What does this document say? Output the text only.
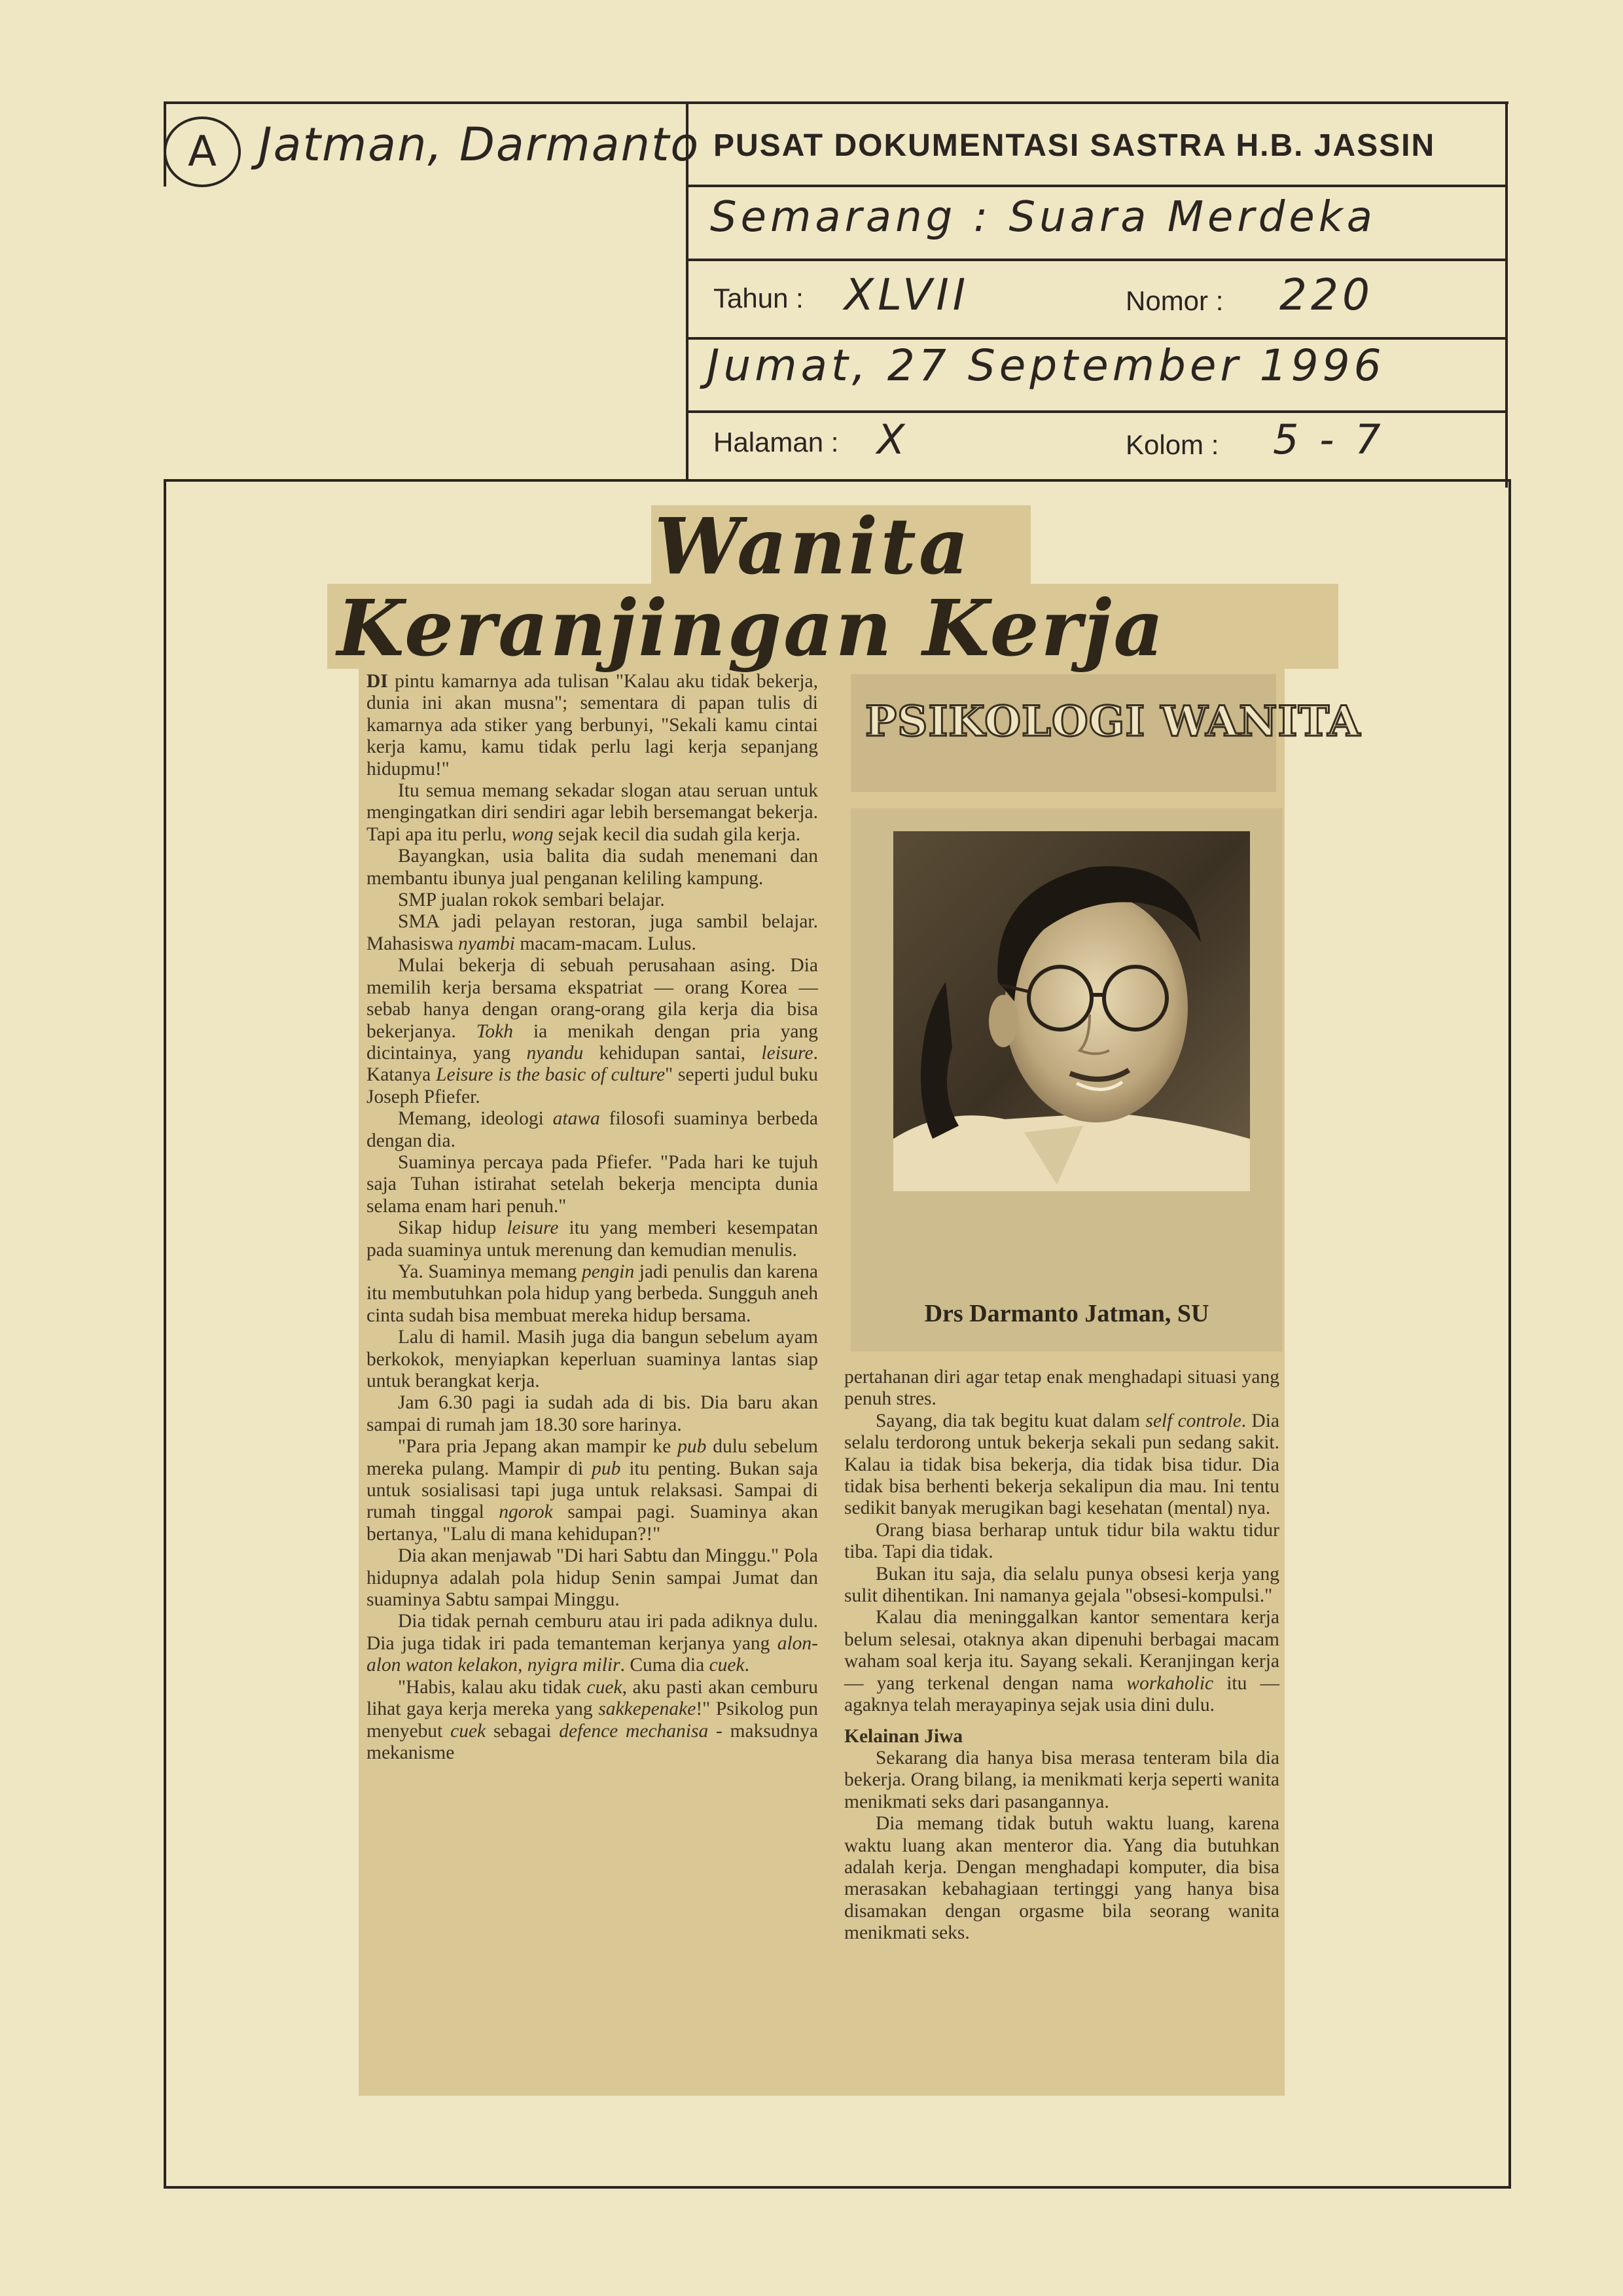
A Jatman, Darmanto PUSAT DOKUMENTASI SASTRA H.B. JASSIN
Semarang : Suara Merdeka
Tahun : XLVII	Nomor : 220
Jumat, 27 September 1996
Halaman : X	Kolom : 5 - 7
Wanita
Keranjingan Kerja
PSIKOLOGI WANITA
Drs Darmanto Jatman, SU

DI pintu kamarnya ada tulisan "Kalau aku tidak bekerja, dunia ini akan musna"; sementara di papan tulis di kamarnya ada stiker yang berbunyi, "Sekali kamu cintai kerja kamu, kamu tidak perlu lagi kerja sepanjang hidupmu!"

Itu semua memang sekadar slogan atau seruan untuk mengingatkan diri sendiri agar lebih bersemangat bekerja. Tapi apa itu perlu, wong sejak kecil dia sudah gila kerja.

Bayangkan, usia balita dia sudah menemani dan membantu ibunya jual penganan keliling kampung.

SMP jualan rokok sembari belajar.

SMA jadi pelayan restoran, juga sambil belajar. Mahasiswa nyambi macam-macam. Lulus.

Mulai bekerja di sebuah perusahaan asing. Dia memilih kerja bersama ekspatriat — orang Korea — sebab hanya dengan orang-orang gila kerja dia bisa bekerjanya. Tokh ia menikah dengan pria yang dicintainya, yang nyandu kehidupan santai, leisure. Katanya Leisure is the basic of culture" seperti judul buku Joseph Pfiefer.

Memang, ideologi atawa filosofi suaminya berbeda dengan dia.

Suaminya percaya pada Pfiefer. "Pada hari ke tujuh saja Tuhan istirahat setelah bekerja mencipta dunia selama enam hari penuh."

Sikap hidup leisure itu yang memberi kesempatan pada suaminya untuk merenung dan kemudian menulis.

Ya. Suaminya memang pengin jadi penulis dan karena itu membutuhkan pola hidup yang berbeda. Sungguh aneh cinta sudah bisa membuat mereka hidup bersama.

Lalu di hamil. Masih juga dia bangun sebelum ayam berkokok, menyiapkan keperluan suaminya lantas siap untuk berangkat kerja.

Jam 6.30 pagi ia sudah ada di bis. Dia baru akan sampai di rumah jam 18.30 sore harinya.

"Para pria Jepang akan mampir ke pub dulu sebelum mereka pulang. Mampir di pub itu penting. Bukan saja untuk sosialisasi tapi juga untuk relaksasi. Sampai di rumah tinggal ngorok sampai pagi. Suaminya akan bertanya, "Lalu di mana kehidupan?!"

Dia akan menjawab "Di hari Sabtu dan Minggu." Pola hidupnya adalah pola hidup Senin sampai Jumat dan suaminya Sabtu sampai Minggu.

Dia tidak pernah cemburu atau iri pada adiknya dulu. Dia juga tidak iri pada temanteman kerjanya yang alon-alon waton kelakon, nyigra milir. Cuma dia cuek.

"Habis, kalau aku tidak cuek, aku pasti akan cemburu lihat gaya kerja mereka yang sakkepenake!" Psikolog pun menyebut cuek sebagai defence mechanisa - maksudnya mekanisme

pertahanan diri agar tetap enak menghadapi situasi yang penuh stres.

Sayang, dia tak begitu kuat dalam self controle. Dia selalu terdorong untuk bekerja sekali pun sedang sakit. Kalau ia tidak bisa bekerja, dia tidak bisa tidur. Dia tidak bisa berhenti bekerja sekalipun dia mau. Ini tentu sedikit banyak merugikan bagi kesehatan (mental) nya.

Orang biasa berharap untuk tidur bila waktu tidur tiba. Tapi dia tidak.

Bukan itu saja, dia selalu punya obsesi kerja yang sulit dihentikan. Ini namanya gejala "obsesi-kompulsi."

Kalau dia meninggalkan kantor sementara kerja belum selesai, otaknya akan dipenuhi berbagai macam waham soal kerja itu. Sayang sekali. Keranjingan kerja — yang terkenal dengan nama workaholic itu — agaknya telah merayapinya sejak usia dini dulu.

Kelainan Jiwa

Sekarang dia hanya bisa merasa tenteram bila dia bekerja. Orang bilang, ia menikmati kerja seperti wanita menikmati seks dari pasangannya.

Dia memang tidak butuh waktu luang, karena waktu luang akan menteror dia. Yang dia butuhkan adalah kerja. Dengan menghadapi komputer, dia bisa merasakan kebahagiaan tertinggi yang hanya bisa disamakan dengan orgasme bila seorang wanita menikmati seks.
